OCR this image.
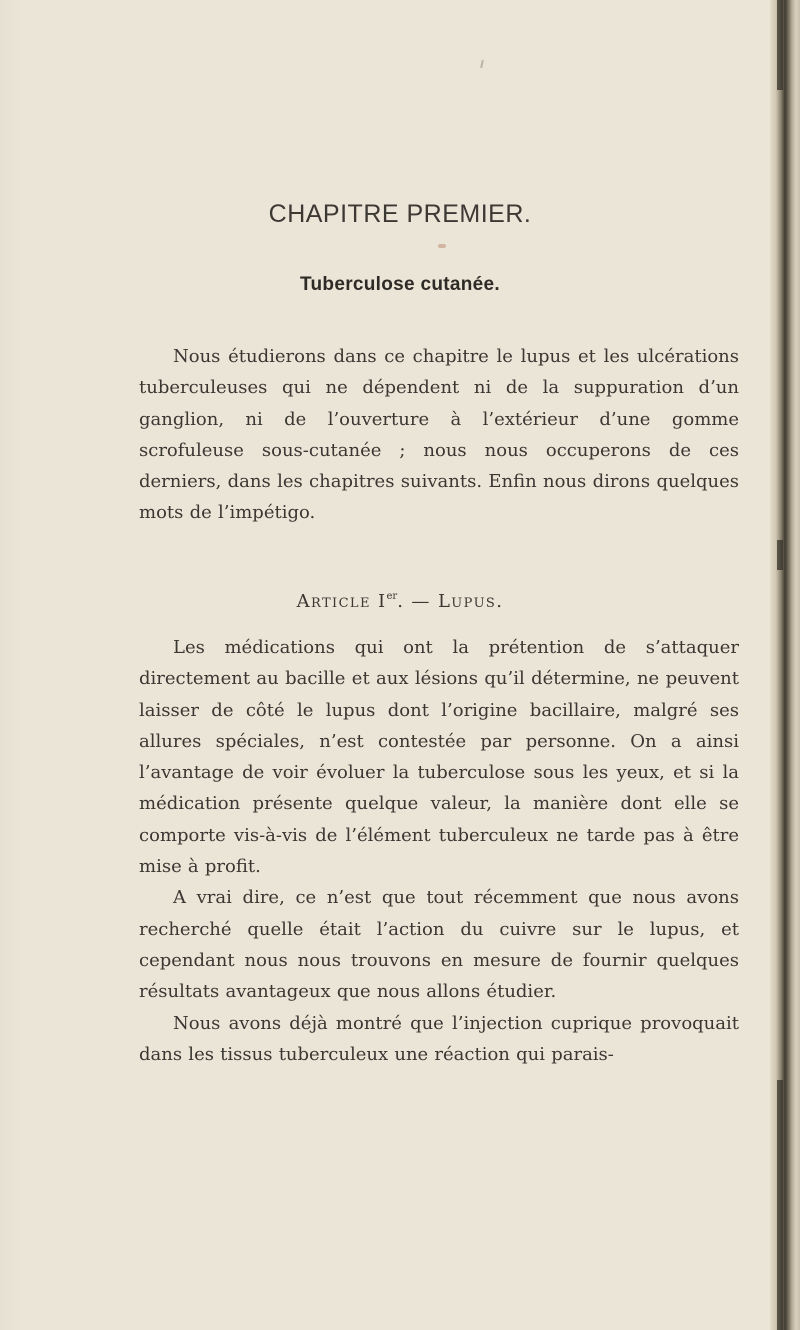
CHAPITRE PREMIER.
Tuberculose cutanée.

Nous étudierons dans ce chapitre le lupus et les ulcérations tuberculeuses qui ne dépendent ni de la suppuration d’un ganglion, ni de l’ouverture à l’extérieur d’une gomme scrofuleuse sous-cutanée ; nous nous occuperons de ces derniers, dans les chapitres suivants. Enfin nous dirons quelques mots de l’impétigo.

Article Ier. — Lupus.

Les médications qui ont la prétention de s’attaquer directement au bacille et aux lésions qu’il détermine, ne peuvent laisser de côté le lupus dont l’origine bacillaire, malgré ses allures spéciales, n’est contestée par personne. On a ainsi l’avantage de voir évoluer la tuberculose sous les yeux, et si la médication présente quelque valeur, la manière dont elle se comporte vis-à-vis de l’élément tuberculeux ne tarde pas à être mise à profit.

A vrai dire, ce n’est que tout récemment que nous avons recherché quelle était l’action du cuivre sur le lupus, et cependant nous nous trouvons en mesure de fournir quelques résultats avantageux que nous allons étudier.

Nous avons déjà montré que l’injection cuprique provoquait dans les tissus tuberculeux une réaction qui parais-
